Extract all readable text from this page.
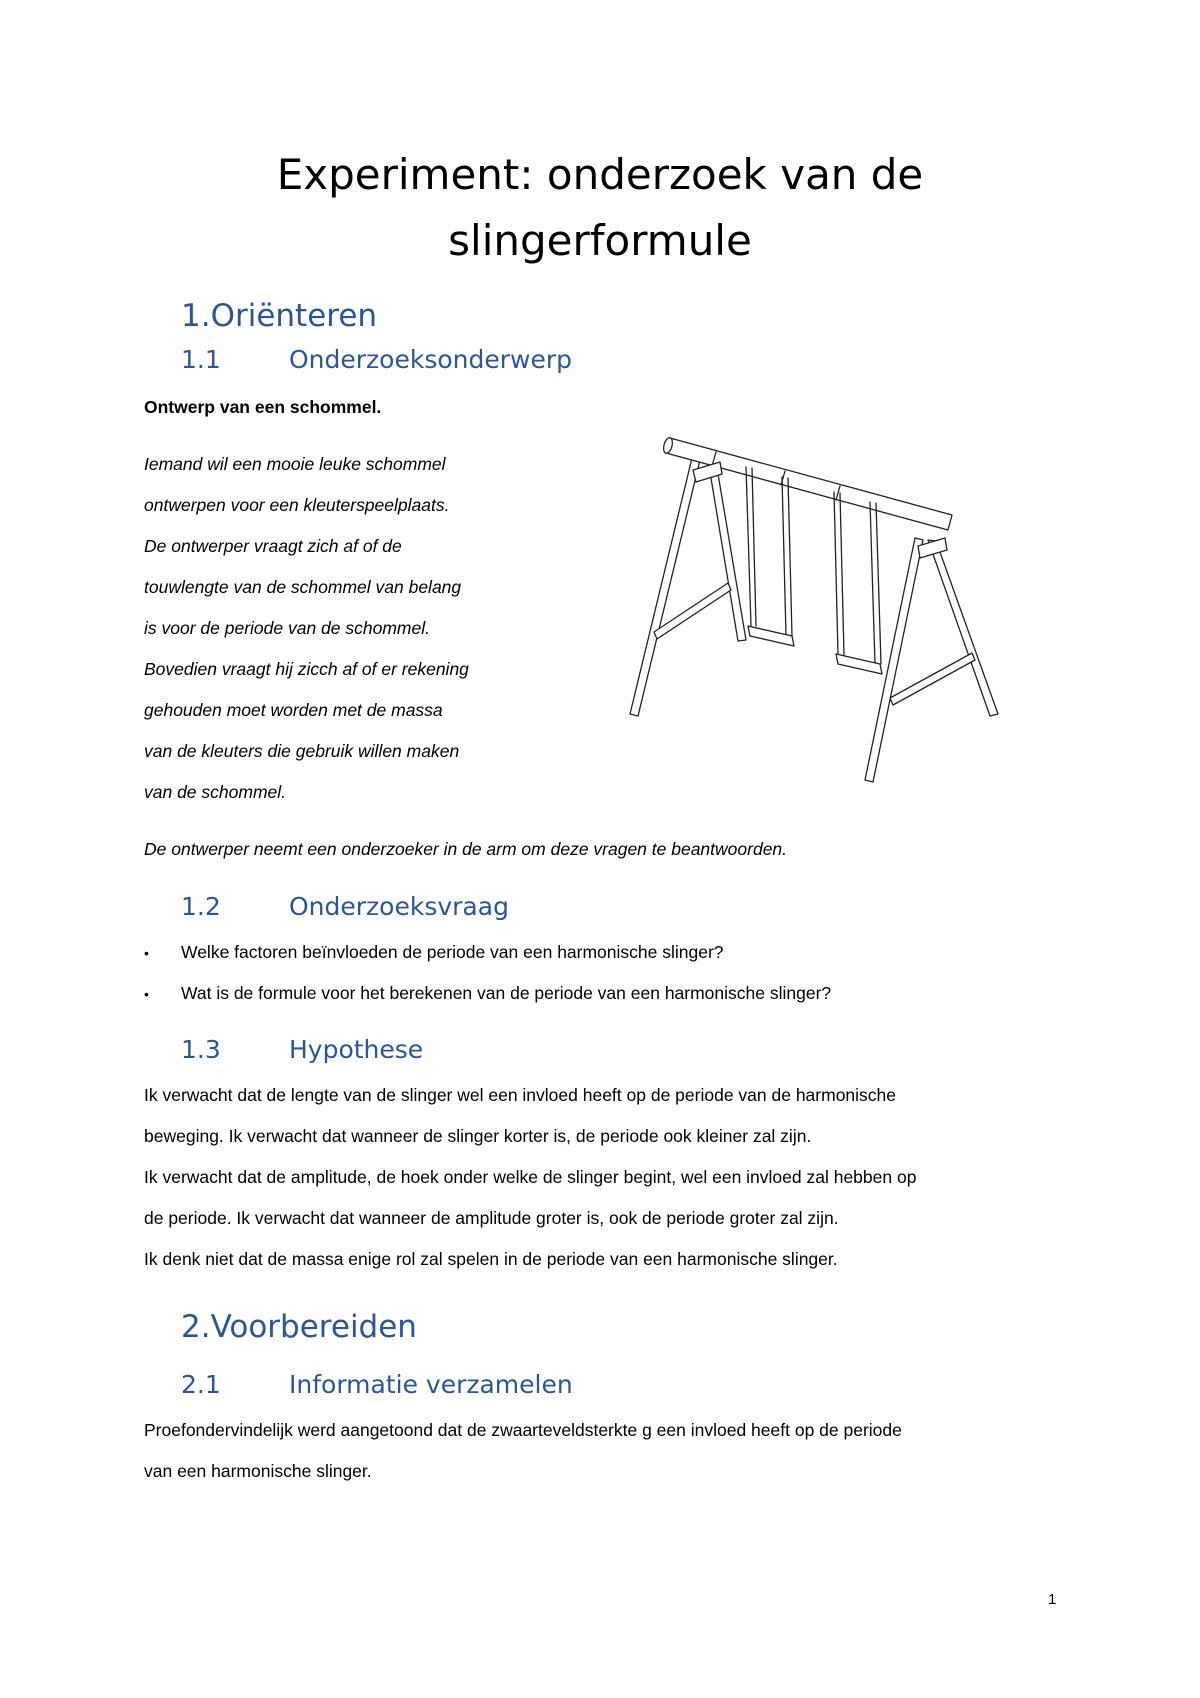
Experiment: onderzoek van de
slingerformule
1.Oriënteren
1.1	Onderzoeksonderwerp
Ontwerp van een schommel.
Iemand wil een mooie leuke schommel
ontwerpen voor een kleuterspeelplaats.
De ontwerper vraagt zich af of de
touwlengte van de schommel van belang
is voor de periode van de schommel.
Bovedien vraagt hij zicch af of er rekening
gehouden moet worden met de massa
van de kleuters die gebruik willen maken
van de schommel.
De ontwerper neemt een onderzoeker in de arm om deze vragen te beantwoorden.
1.2	Onderzoeksvraag
• Welke factoren beïnvloeden de periode van een harmonische slinger?
• Wat is de formule voor het berekenen van de periode van een harmonische slinger?
1.3	Hypothese
Ik verwacht dat de lengte van de slinger wel een invloed heeft op de periode van de harmonische
beweging. Ik verwacht dat wanneer de slinger korter is, de periode ook kleiner zal zijn.
Ik verwacht dat de amplitude, de hoek onder welke de slinger begint, wel een invloed zal hebben op
de periode. Ik verwacht dat wanneer de amplitude groter is, ook de periode groter zal zijn.
Ik denk niet dat de massa enige rol zal spelen in de periode van een harmonische slinger.
2.Voorbereiden
2.1	Informatie verzamelen
Proefondervindelijk werd aangetoond dat de zwaarteveldsterkte g een invloed heeft op de periode
van een harmonische slinger.
1
